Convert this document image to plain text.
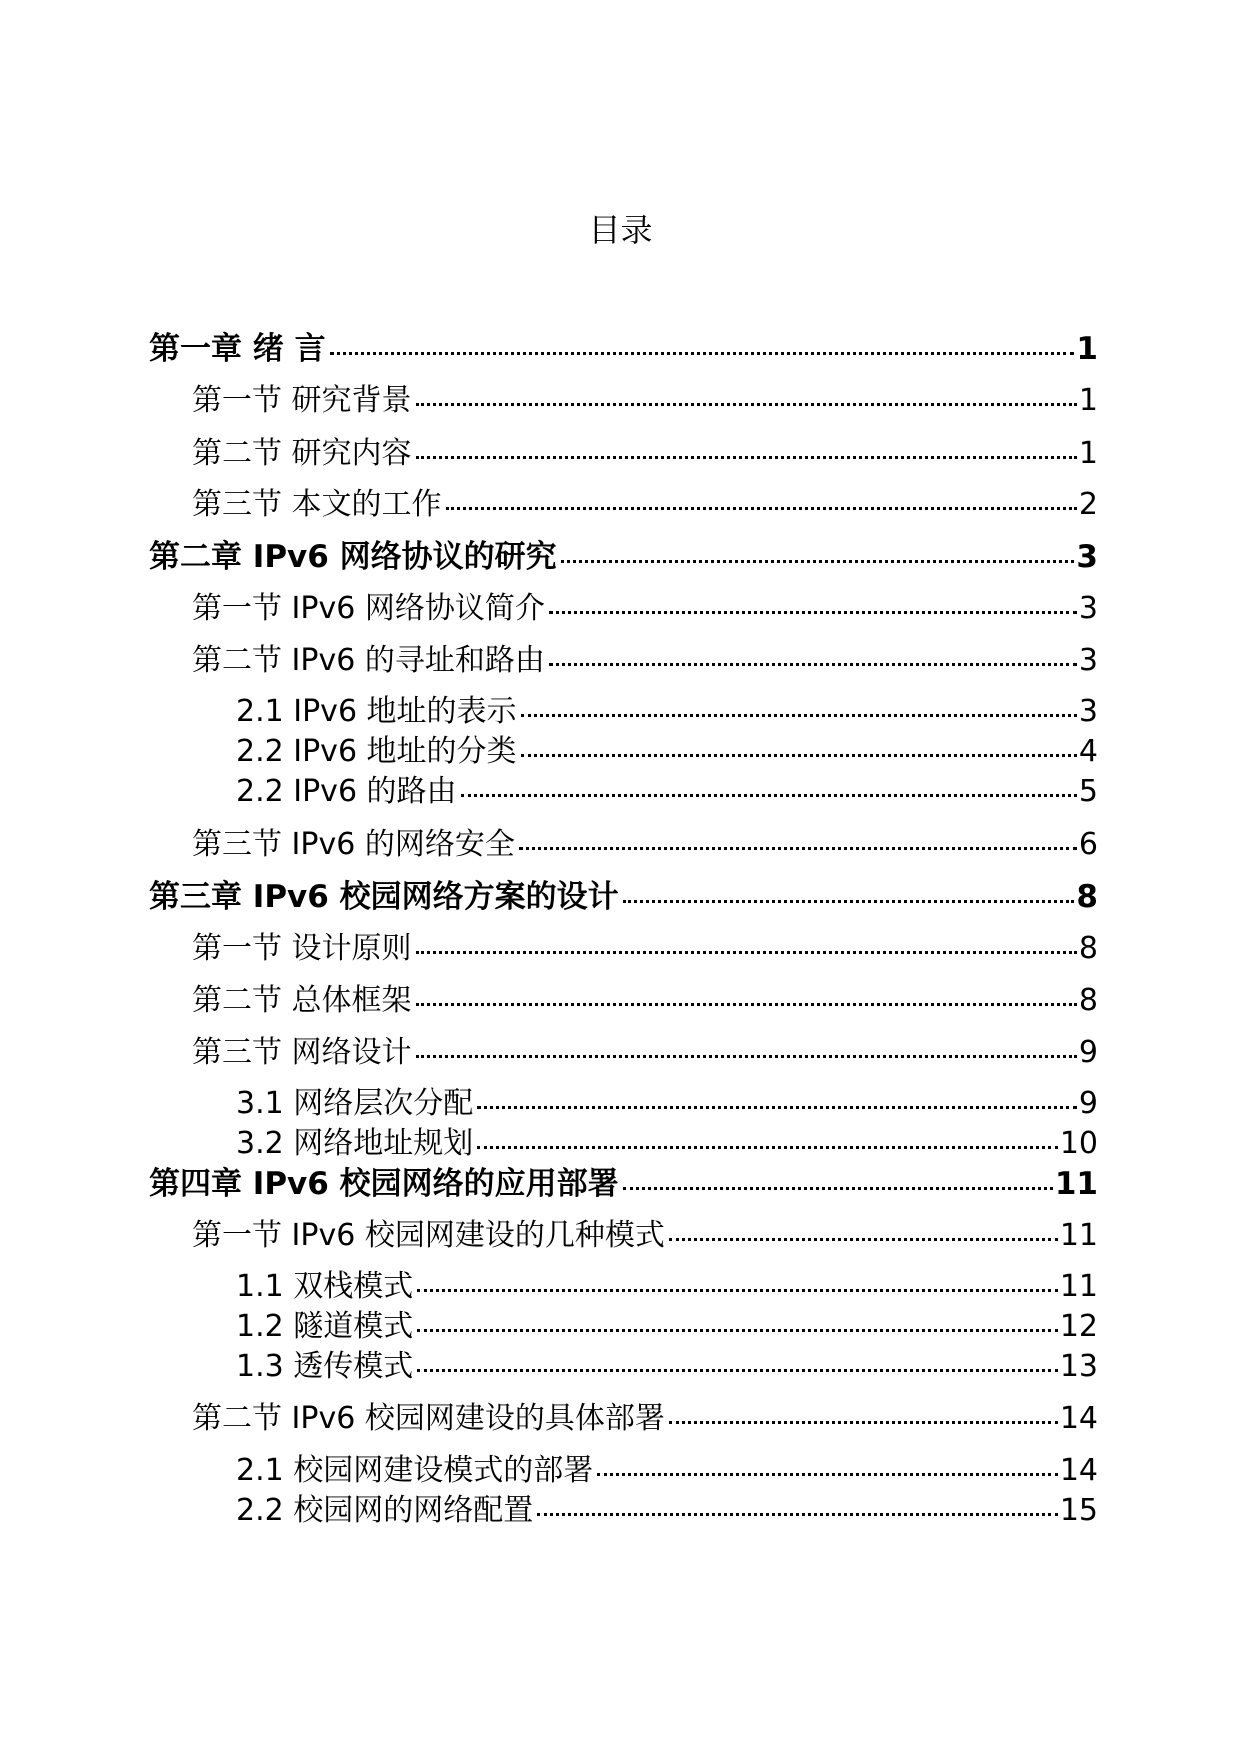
目录
第一章 绪 言	1
第一节 研究背景	1
第二节 研究内容	1
第三节 本文的工作	2
第二章 IPv6 网络协议的研究	3
第一节 IPv6 网络协议简介	3
第二节 IPv6 的寻址和路由	3
2.1 IPv6 地址的表示	3
2.2 IPv6 地址的分类	4
2.2 IPv6 的路由	5
第三节 IPv6 的网络安全	6
第三章 IPv6 校园网络方案的设计	8
第一节 设计原则	8
第二节 总体框架	8
第三节 网络设计	9
3.1 网络层次分配	9
3.2 网络地址规划	10
第四章 IPv6 校园网络的应用部署	11
第一节 IPv6 校园网建设的几种模式	11
1.1 双栈模式	11
1.2 隧道模式	12
1.3 透传模式	13
第二节 IPv6 校园网建设的具体部署	14
2.1 校园网建设模式的部署	14
2.2 校园网的网络配置	15
